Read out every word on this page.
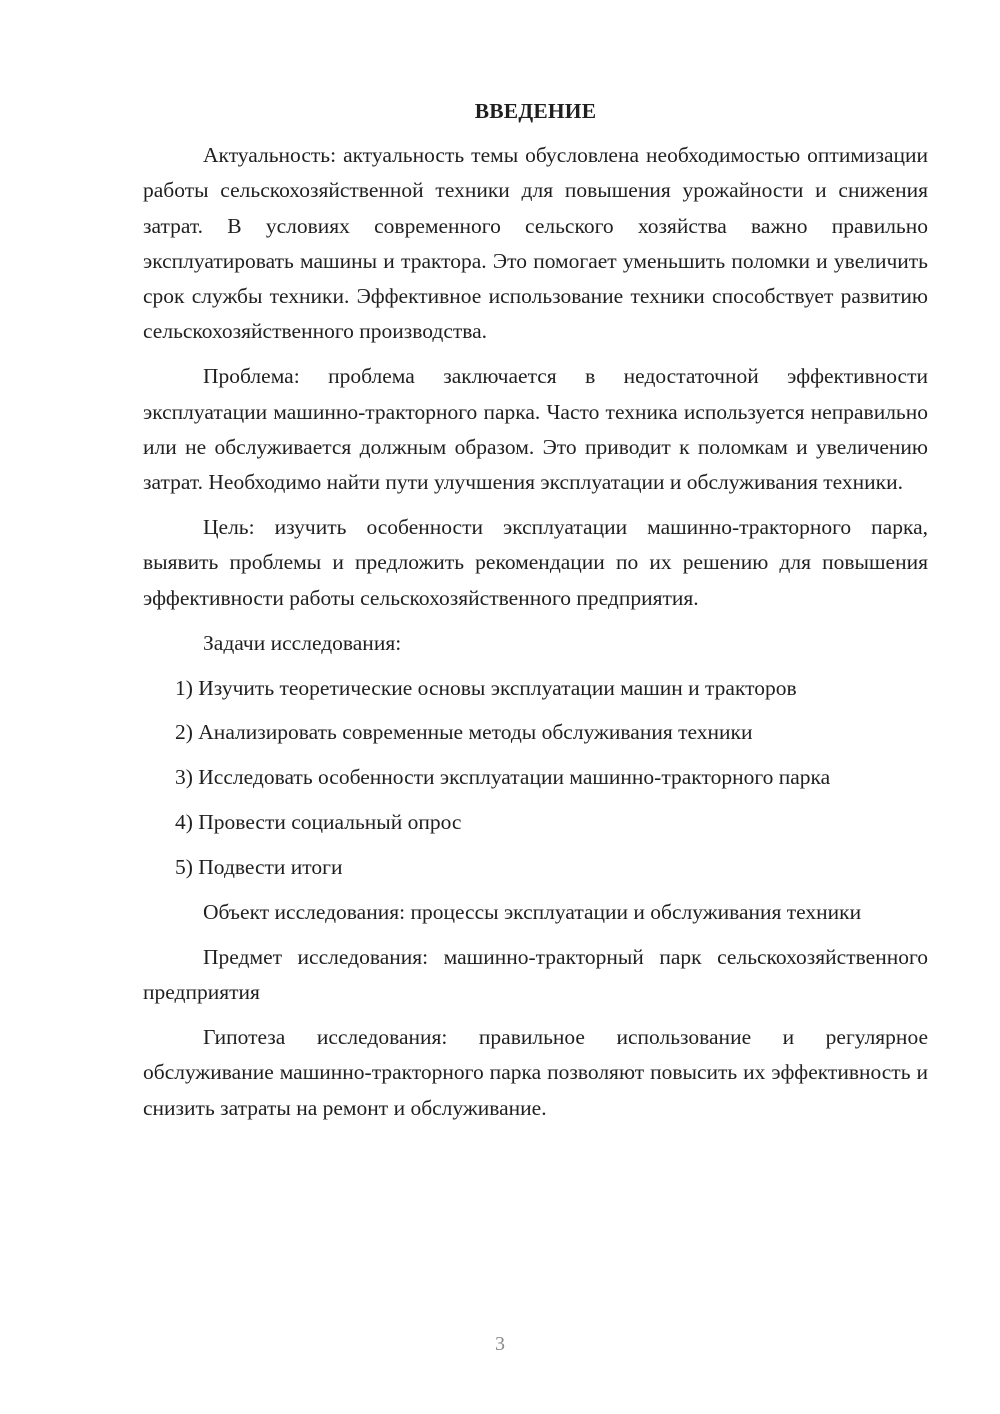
ВВЕДЕНИЕ

Актуальность: актуальность темы обусловлена необходимостью оптимизации работы сельскохозяйственной техники для повышения урожайности и снижения затрат. В условиях современного сельского хозяйства важно правильно эксплуатировать машины и трактора. Это помогает уменьшить поломки и увеличить срок службы техники. Эффективное использование техники способствует развитию сельскохозяйственного производства.

Проблема: проблема заключается в недостаточной эффективности эксплуатации машинно-тракторного парка. Часто техника используется неправильно или не обслуживается должным образом. Это приводит к поломкам и увеличению затрат. Необходимо найти пути улучшения эксплуатации и обслуживания техники.

Цель: изучить особенности эксплуатации машинно-тракторного парка, выявить проблемы и предложить рекомендации по их решению для повышения эффективности работы сельскохозяйственного предприятия.

Задачи исследования:

1) Изучить теоретические основы эксплуатации машин и тракторов

2) Анализировать современные методы обслуживания техники

3) Исследовать особенности эксплуатации машинно-тракторного парка

4) Провести социальный опрос

5) Подвести итоги

Объект исследования: процессы эксплуатации и обслуживания техники

Предмет исследования: машинно-тракторный парк сельскохозяйственного предприятия

Гипотеза исследования: правильное использование и регулярное обслуживание машинно-тракторного парка позволяют повысить их эффективность и снизить затраты на ремонт и обслуживание.

3
